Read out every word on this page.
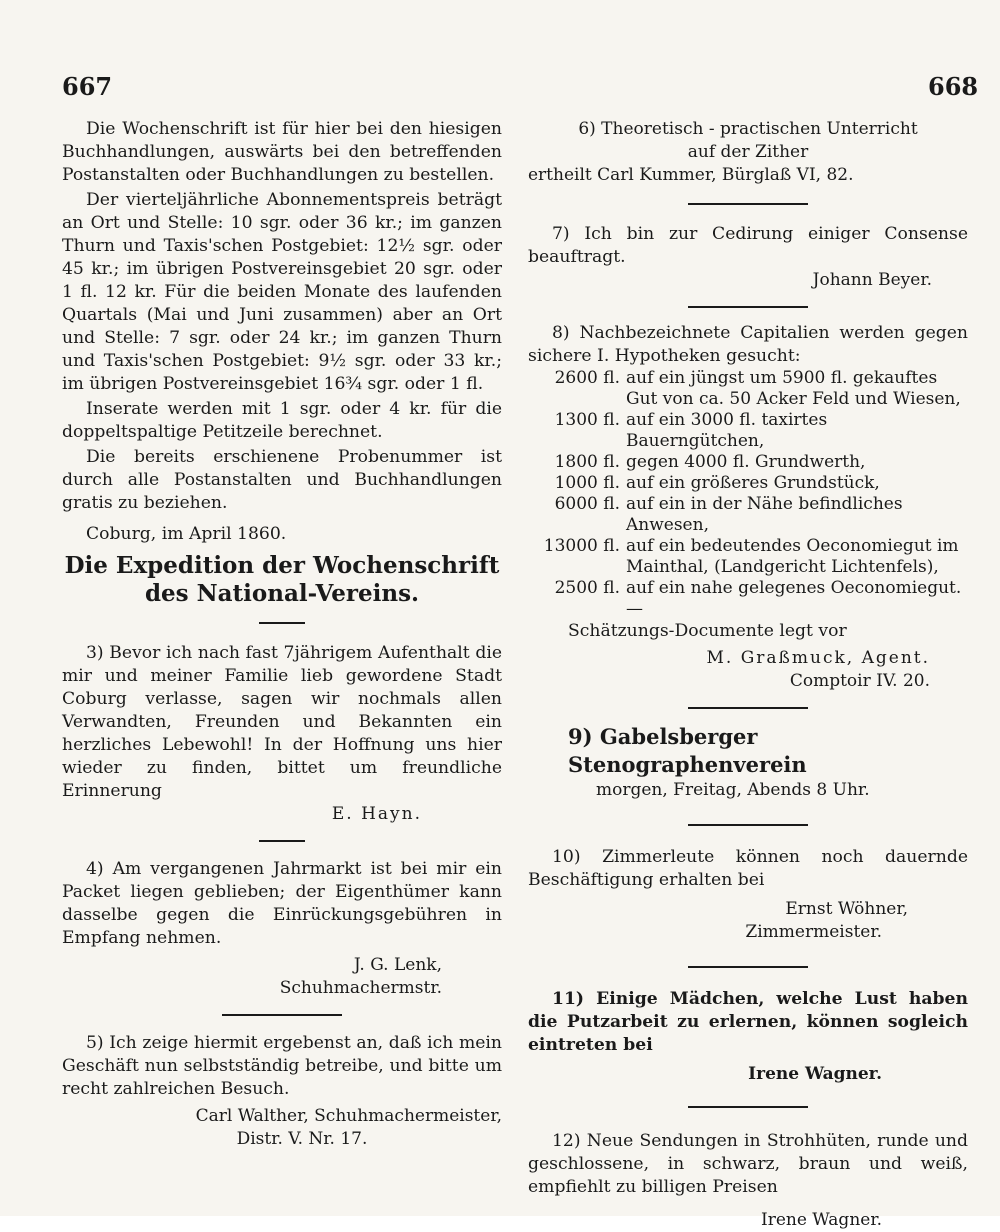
667	668

Die Wochenschrift ist für hier bei den hiesigen Buchhandlungen, auswärts bei den betreffenden Postanstalten oder Buchhandlungen zu bestellen.

Der vierteljährliche Abonnementspreis beträgt an Ort und Stelle: 10 sgr. oder 36 kr.; im ganzen Thurn und Taxis'schen Postgebiet: 12½ sgr. oder 45 kr.; im übrigen Postvereinsgebiet 20 sgr. oder 1 fl. 12 kr. Für die beiden Monate des laufenden Quartals (Mai und Juni zusammen) aber an Ort und Stelle: 7 sgr. oder 24 kr.; im ganzen Thurn und Taxis'schen Postgebiet: 9½ sgr. oder 33 kr.; im übrigen Postvereinsgebiet 16¾ sgr. oder 1 fl.

Inserate werden mit 1 sgr. oder 4 kr. für die doppeltspaltige Petitzeile berechnet.

Die bereits erschienene Probenummer ist durch alle Postanstalten und Buchhandlungen gratis zu beziehen.

Coburg, im April 1860.

Die Expedition der Wochenschrift des National-Vereins.

3) Bevor ich nach fast 7jährigem Aufenthalt die mir und meiner Familie lieb gewordene Stadt Coburg verlasse, sagen wir nochmals allen Verwandten, Freunden und Bekannten ein herzliches Lebewohl! In der Hoffnung uns hier wieder zu finden, bittet um freundliche Erinnerung

E. Hayn.

4) Am vergangenen Jahrmarkt ist bei mir ein Packet liegen geblieben; der Eigenthümer kann dasselbe gegen die Einrückungsgebühren in Empfang nehmen.

J. G. Lenk,
Schuhmachermstr.

5) Ich zeige hiermit ergebenst an, daß ich mein Geschäft nun selbstständig betreibe, und bitte um recht zahlreichen Besuch.

Carl Walther, Schuhmachermeister,
Distr. V. Nr. 17.
6) Theoretisch - practischen Unterricht
auf der Zither
ertheilt Carl Kummer, Bürglaß VI, 82.

7) Ich bin zur Cedirung einiger Consense beauftragt.

Johann Beyer.

8) Nachbezeichnete Capitalien werden gegen sichere I. Hypotheken gesucht:

2600 fl.	auf ein jüngst um 5900 fl. gekauftes Gut von ca. 50 Acker Feld und Wiesen,
1300 fl.	auf ein 3000 fl. taxirtes Bauerngütchen,
1800 fl.	gegen 4000 fl. Grundwerth,
1000 fl.	auf ein größeres Grundstück,
6000 fl.	auf ein in der Nähe befindliches Anwesen,
13000 fl.	auf ein bedeutendes Oeconomiegut im Mainthal, (Landgericht Lichtenfels),
2500 fl.	auf ein nahe gelegenes Oeconomiegut. —

Schätzungs-Documente legt vor

M. Graßmuck, Agent.
Comptoir IV. 20.
9) Gabelsberger Stenographenverein
morgen, Freitag, Abends 8 Uhr.

10) Zimmerleute können noch dauernde Beschäftigung erhalten bei

Ernst Wöhner,
Zimmermeister.

11) Einige Mädchen, welche Lust haben die Putzarbeit zu erlernen, können sogleich eintreten bei

Irene Wagner.

12) Neue Sendungen in Strohhüten, runde und geschlossene, in schwarz, braun und weiß, empfiehlt zu billigen Preisen

Irene Wagner.
